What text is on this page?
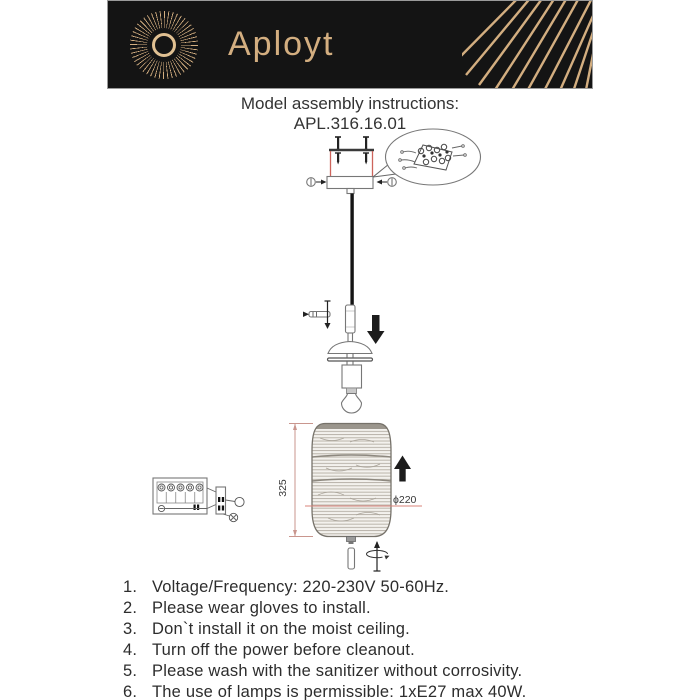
Aployt
Model assembly instructions:
APL.316.16.01
325
ϕ220
1. Voltage/Frequency: 220-230V 50-60Hz.
2. Please wear gloves to install.
3. Don`t install it on the moist ceiling.
4. Turn off the power before cleanout.
5. Please wash with the sanitizer without corrosivity.
6. The use of lamps is permissible: 1xE27 max 40W.
